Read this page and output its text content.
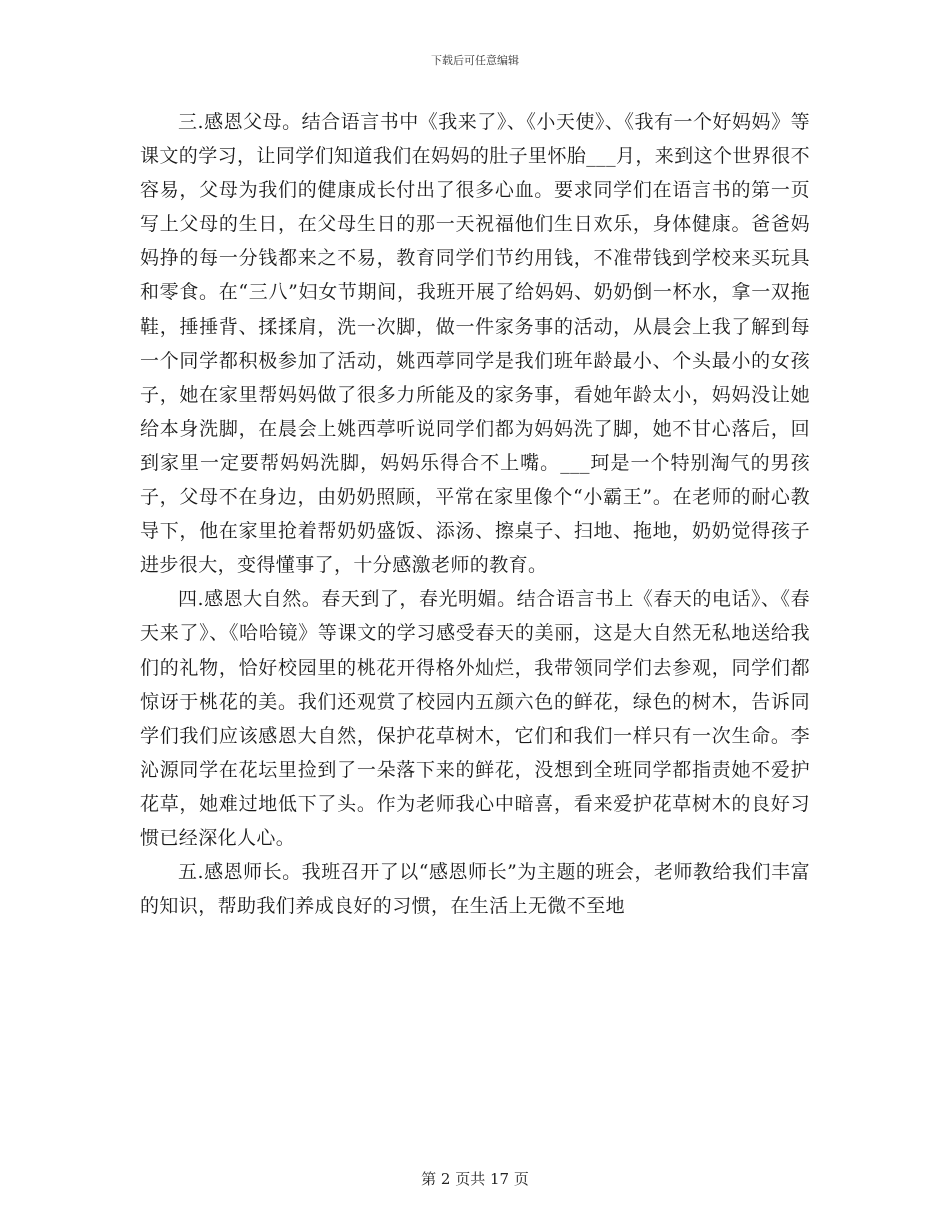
下载后可任意编辑

三.感恩父母。结合语言书中《我来了》、《小天使》、《我有一个好妈妈》等课文的学习，让同学们知道我们在妈妈的肚子里怀胎___月，来到这个世界很不容易，父母为我们的健康成长付出了很多心血。要求同学们在语言书的第一页写上父母的生日，在父母生日的那一天祝福他们生日欢乐，身体健康。爸爸妈妈挣的每一分钱都来之不易，教育同学们节约用钱，不准带钱到学校来买玩具和零食。在“三八”妇女节期间，我班开展了给妈妈、奶奶倒一杯水，拿一双拖鞋，捶捶背、揉揉肩，洗一次脚，做一件家务事的活动，从晨会上我了解到每一个同学都积极参加了活动，姚西葶同学是我们班年龄最小、个头最小的女孩子，她在家里帮妈妈做了很多力所能及的家务事，看她年龄太小，妈妈没让她给本身洗脚，在晨会上姚西葶听说同学们都为妈妈洗了脚，她不甘心落后，回到家里一定要帮妈妈洗脚，妈妈乐得合不上嘴。___珂是一个特别淘气的男孩子，父母不在身边，由奶奶照顾，平常在家里像个“小霸王”。在老师的耐心教导下，他在家里抢着帮奶奶盛饭、添汤、擦桌子、扫地、拖地，奶奶觉得孩子进步很大，变得懂事了，十分感激老师的教育。

四.感恩大自然。春天到了，春光明媚。结合语言书上《春天的电话》、《春天来了》、《哈哈镜》等课文的学习感受春天的美丽，这是大自然无私地送给我们的礼物，恰好校园里的桃花开得格外灿烂，我带领同学们去参观，同学们都惊讶于桃花的美。我们还观赏了校园内五颜六色的鲜花，绿色的树木，告诉同学们我们应该感恩大自然，保护花草树木，它们和我们一样只有一次生命。李沁源同学在花坛里捡到了一朵落下来的鲜花，没想到全班同学都指责她不爱护花草，她难过地低下了头。作为老师我心中暗喜，看来爱护花草树木的良好习惯已经深化人心。

五.感恩师长。我班召开了以“感恩师长”为主题的班会，老师教给我们丰富的知识，帮助我们养成良好的习惯，在生活上无微不至地

第 2 页共 17 页
